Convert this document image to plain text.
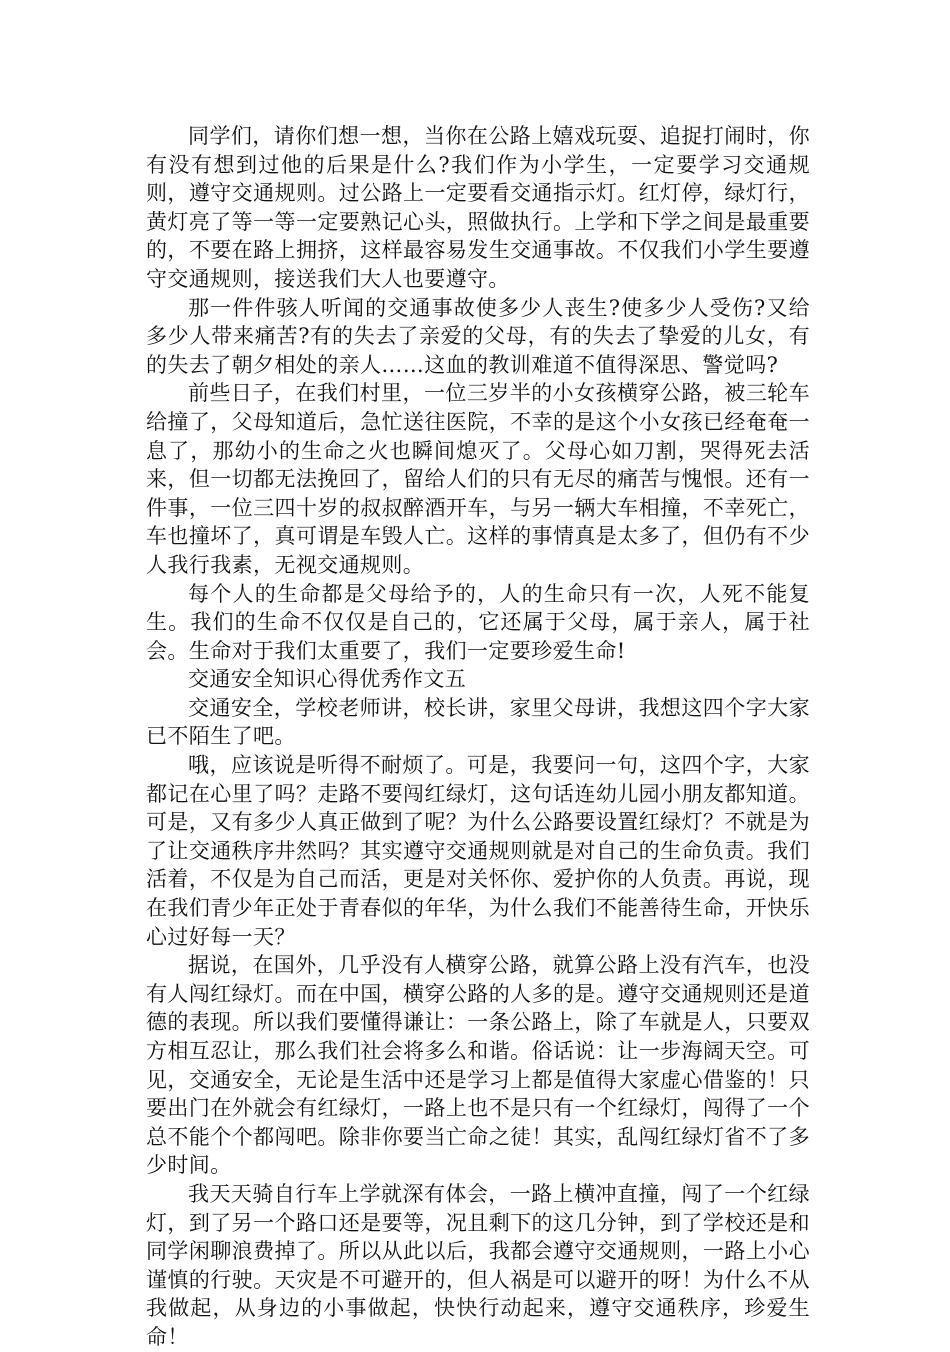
同学们，请你们想一想，当你在公路上嬉戏玩耍、追捉打闹时，你有没有想到过他的后果是什么?我们作为小学生，一定要学习交通规则，遵守交通规则。过公路上一定要看交通指示灯。红灯停，绿灯行，黄灯亮了等一等一定要熟记心头，照做执行。上学和下学之间是最重要的，不要在路上拥挤，这样最容易发生交通事故。不仅我们小学生要遵守交通规则，接送我们大人也要遵守。

那一件件骇人听闻的交通事故使多少人丧生?使多少人受伤?又给多少人带来痛苦?有的失去了亲爱的父母，有的失去了挚爱的儿女，有的失去了朝夕相处的亲人……这血的教训难道不值得深思、警觉吗?

前些日子，在我们村里，一位三岁半的小女孩横穿公路，被三轮车给撞了，父母知道后，急忙送往医院，不幸的是这个小女孩已经奄奄一息了，那幼小的生命之火也瞬间熄灭了。父母心如刀割，哭得死去活来，但一切都无法挽回了，留给人们的只有无尽的痛苦与愧恨。还有一件事，一位三四十岁的叔叔醉酒开车，与另一辆大车相撞，不幸死亡，车也撞坏了，真可谓是车毁人亡。这样的事情真是太多了，但仍有不少人我行我素，无视交通规则。

每个人的生命都是父母给予的，人的生命只有一次，人死不能复生。我们的生命不仅仅是自己的，它还属于父母，属于亲人，属于社会。生命对于我们太重要了，我们一定要珍爱生命!

交通安全知识心得优秀作文五

交通安全，学校老师讲，校长讲，家里父母讲，我想这四个字大家已不陌生了吧。

哦，应该说是听得不耐烦了。可是，我要问一句，这四个字，大家都记在心里了吗？走路不要闯红绿灯，这句话连幼儿园小朋友都知道。可是，又有多少人真正做到了呢？为什么公路要设置红绿灯？不就是为了让交通秩序井然吗？其实遵守交通规则就是对自己的生命负责。我们活着，不仅是为自己而活，更是对关怀你、爱护你的人负责。再说，现在我们青少年正处于青春似的年华，为什么我们不能善待生命，开快乐心过好每一天？

据说，在国外，几乎没有人横穿公路，就算公路上没有汽车，也没有人闯红绿灯。而在中国，横穿公路的人多的是。遵守交通规则还是道德的表现。所以我们要懂得谦让：一条公路上，除了车就是人，只要双方相互忍让，那么我们社会将多么和谐。俗话说：让一步海阔天空。可见，交通安全，无论是生活中还是学习上都是值得大家虚心借鉴的！只要出门在外就会有红绿灯，一路上也不是只有一个红绿灯，闯得了一个总不能个个都闯吧。除非你要当亡命之徒！其实，乱闯红绿灯省不了多少时间。

我天天骑自行车上学就深有体会，一路上横冲直撞，闯了一个红绿灯，到了另一个路口还是要等，况且剩下的这几分钟，到了学校还是和同学闲聊浪费掉了。所以从此以后，我都会遵守交通规则，一路上小心谨慎的行驶。天灾是不可避开的，但人祸是可以避开的呀！为什么不从我做起，从身边的小事做起，快快行动起来，遵守交通秩序，珍爱生命！
